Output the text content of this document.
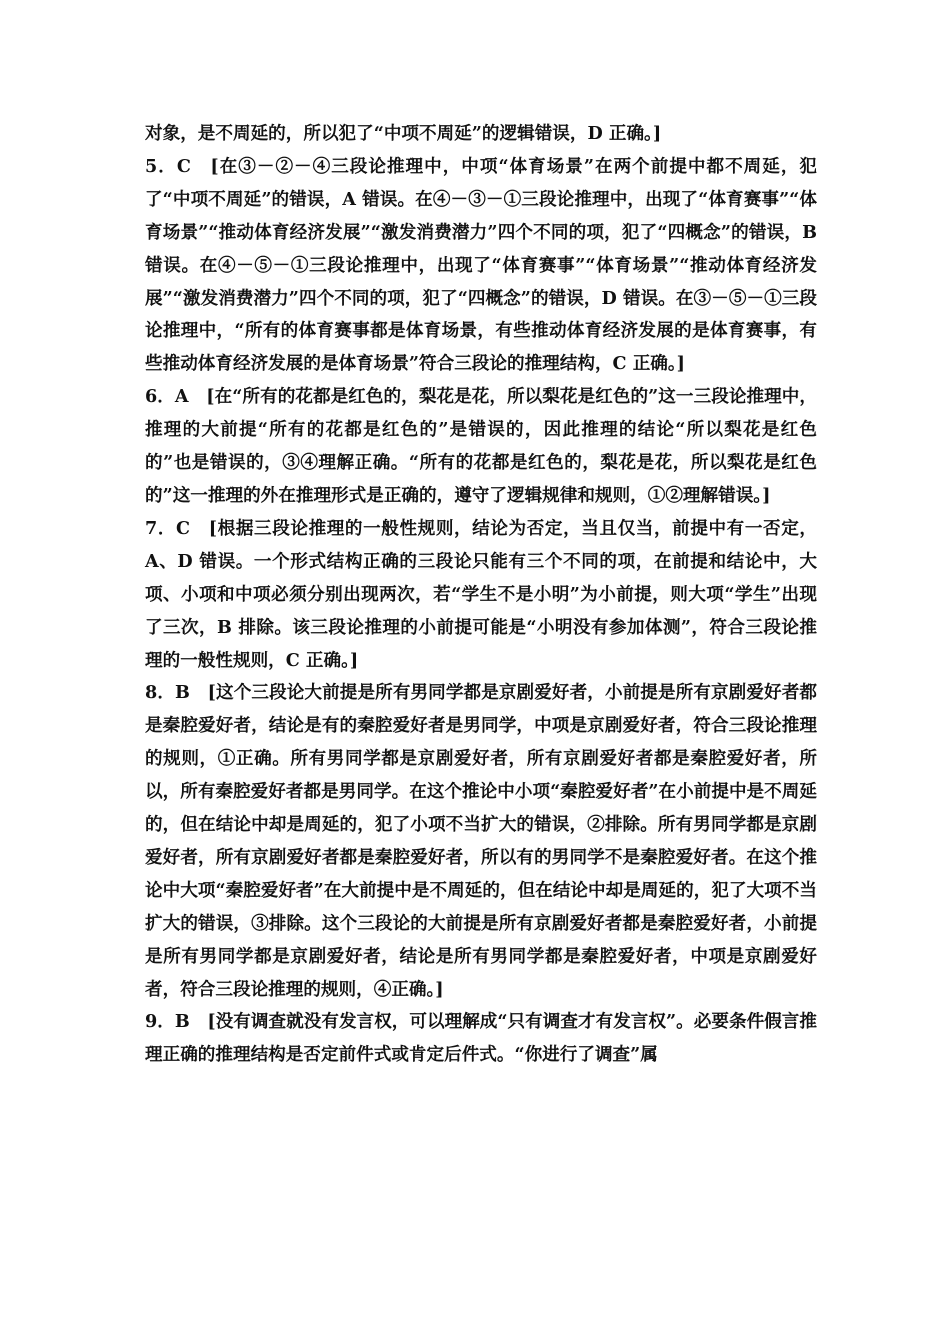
对象，是不周延的，所以犯了“中项不周延”的逻辑错误，D 正确。]

5．C　[在③－②－④三段论推理中，中项“体育场景”在两个前提中都不周延，犯了“中项不周延”的错误，A 错误。在④－③－①三段论推理中，出现了“体育赛事”“体育场景”“推动体育经济发展”“激发消费潜力”四个不同的项，犯了“四概念”的错误，B 错误。在④－⑤－①三段论推理中，出现了“体育赛事”“体育场景”“推动体育经济发展”“激发消费潜力”四个不同的项，犯了“四概念”的错误，D 错误。在③－⑤－①三段论推理中，“所有的体育赛事都是体育场景，有些推动体育经济发展的是体育赛事，有些推动体育经济发展的是体育场景”符合三段论的推理结构，C 正确。]

6．A　[在“所有的花都是红色的，梨花是花，所以梨花是红色的”这一三段论推理中，推理的大前提“所有的花都是红色的”是错误的，因此推理的结论“所以梨花是红色的”也是错误的，③④理解正确。“所有的花都是红色的，梨花是花，所以梨花是红色的”这一推理的外在推理形式是正确的，遵守了逻辑规律和规则，①②理解错误。]

7．C　[根据三段论推理的一般性规则，结论为否定，当且仅当，前提中有一否定，A、D 错误。一个形式结构正确的三段论只能有三个不同的项，在前提和结论中，大项、小项和中项必须分别出现两次，若“学生不是小明”为小前提，则大项“学生”出现了三次，B 排除。该三段论推理的小前提可能是“小明没有参加体测”，符合三段论推理的一般性规则，C 正确。]

8．B　[这个三段论大前提是所有男同学都是京剧爱好者，小前提是所有京剧爱好者都是秦腔爱好者，结论是有的秦腔爱好者是男同学，中项是京剧爱好者，符合三段论推理的规则，①正确。所有男同学都是京剧爱好者，所有京剧爱好者都是秦腔爱好者，所以，所有秦腔爱好者都是男同学。在这个推论中小项“秦腔爱好者”在小前提中是不周延的，但在结论中却是周延的，犯了小项不当扩大的错误，②排除。所有男同学都是京剧爱好者，所有京剧爱好者都是秦腔爱好者，所以有的男同学不是秦腔爱好者。在这个推论中大项“秦腔爱好者”在大前提中是不周延的，但在结论中却是周延的，犯了大项不当扩大的错误，③排除。这个三段论的大前提是所有京剧爱好者都是秦腔爱好者，小前提是所有男同学都是京剧爱好者，结论是所有男同学都是秦腔爱好者，中项是京剧爱好者，符合三段论推理的规则，④正确。]

9．B　[没有调查就没有发言权，可以理解成“只有调查才有发言权”。必要条件假言推理正确的推理结构是否定前件式或肯定后件式。“你进行了调查”属
